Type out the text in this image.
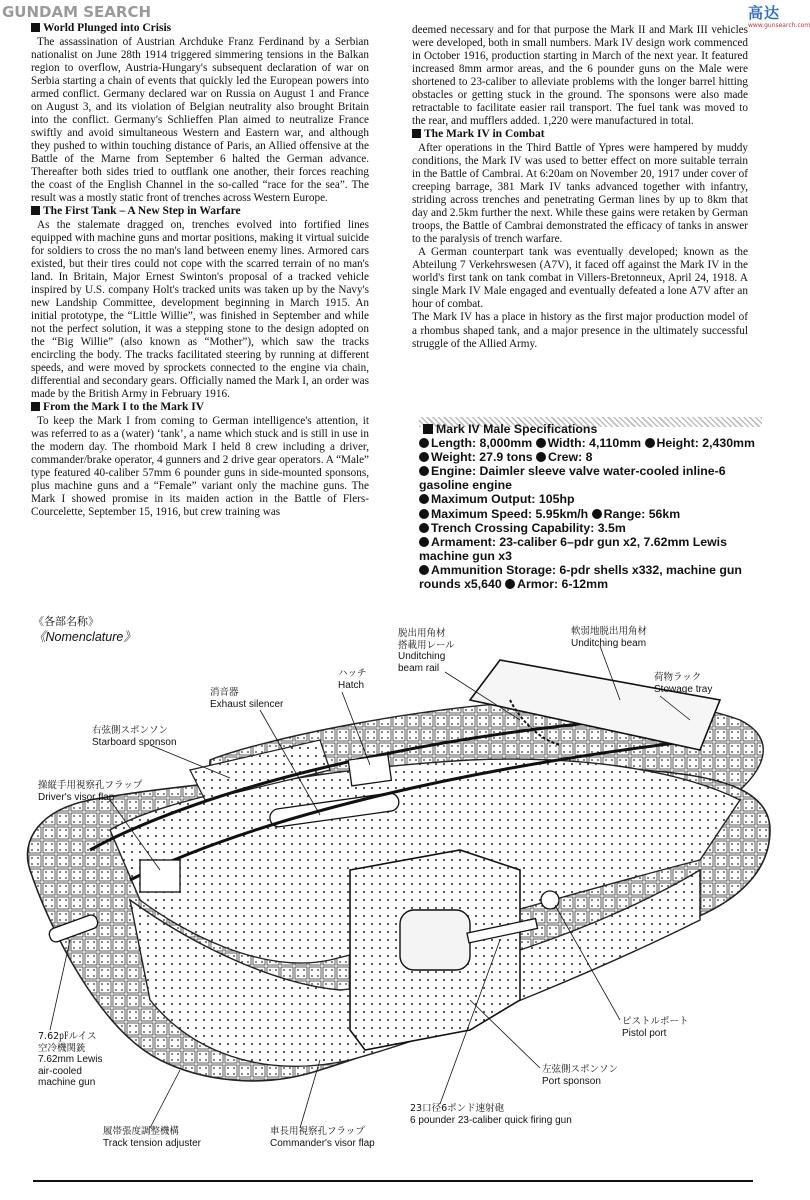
GUNDAM SEARCH	高达
www.gunsearch.com
World Plunged into Crisis

The assassination of Austrian Archduke Franz Ferdinand by a Serbian nationalist on June 28th 1914 triggered simmering tensions in the Balkan region to overflow, Austria-Hungary's subsequent declaration of war on Serbia starting a chain of events that quickly led the European powers into armed conflict. Germany declared war on Russia on August 1 and France on August 3, and its violation of Belgian neutrality also brought Britain into the conflict. Germany's Schlieffen Plan aimed to neutralize France swiftly and avoid simultaneous Western and Eastern war, and although they pushed to within touching distance of Paris, an Allied offensive at the Battle of the Marne from September 6 halted the German advance. Thereafter both sides tried to outflank one another, their forces reaching the coast of the English Channel in the so-called “race for the sea”. The result was a mostly static front of trenches across Western Europe.

The First Tank – A New Step in Warfare

As the stalemate dragged on, trenches evolved into fortified lines equipped with machine guns and mortar positions, making it virtual suicide for soldiers to cross the no man's land between enemy lines. Armored cars existed, but their tires could not cope with the scarred terrain of no man's land. In Britain, Major Ernest Swinton's proposal of a tracked vehicle inspired by U.S. company Holt's tracked units was taken up by the Navy's new Landship Committee, development beginning in March 1915. An initial prototype, the “Little Willie”, was finished in September and while not the perfect solution, it was a stepping stone to the design adopted on the “Big Willie” (also known as “Mother”), which saw the tracks encircling the body. The tracks facilitated steering by running at different speeds, and were moved by sprockets connected to the engine via chain, differential and secondary gears. Officially named the Mark I, an order was made by the British Army in February 1916.

From the Mark I to the Mark IV

To keep the Mark I from coming to German intelligence's attention, it was referred to as a (water) ‘tank’, a name which stuck and is still in use in the modern day. The rhomboid Mark I held 8 crew including a driver, commander/brake operator, 4 gunners and 2 drive gear operators. A “Male” type featured 40-caliber 57mm 6 pounder guns in side-mounted sponsons, plus machine guns and a “Female” variant only the machine guns. The Mark I showed promise in its maiden action in the Battle of Flers-Courcelette, September 15, 1916, but crew training was

deemed necessary and for that purpose the Mark II and Mark III vehicles were developed, both in small numbers. Mark IV design work commenced in October 1916, production starting in March of the next year. It featured increased 8mm armor areas, and the 6 pounder guns on the Male were shortened to 23-caliber to alleviate problems with the longer barrel hitting obstacles or getting stuck in the ground. The sponsons were also made retractable to facilitate easier rail transport. The fuel tank was moved to the rear, and mufflers added. 1,220 were manufactured in total.

The Mark IV in Combat

After operations in the Third Battle of Ypres were hampered by muddy conditions, the Mark IV was used to better effect on more suitable terrain in the Battle of Cambrai. At 6:20am on November 20, 1917 under cover of creeping barrage, 381 Mark IV tanks advanced together with infantry, striding across trenches and penetrating German lines by up to 8km that day and 2.5km further the next. While these gains were retaken by German troops, the Battle of Cambrai demonstrated the efficacy of tanks in answer to the paralysis of trench warfare.

A German counterpart tank was eventually developed; known as the Abteilung 7 Verkehrswesen (A7V), it faced off against the Mark IV in the world's first tank on tank combat in Villers-Bretonneux, April 24, 1918. A single Mark IV Male engaged and eventually defeated a lone A7V after an hour of combat.

The Mark IV has a place in history as the first major production model of a rhombus shaped tank, and a major presence in the ultimately successful struggle of the Allied Army.

Mark IV Male Specifications
Length: 8,000mm Width: 4,110mm Height: 2,430mm
Weight: 27.9 tons Crew: 8
Engine: Daimler sleeve valve water-cooled inline-6 gasoline engine
Maximum Output: 105hp
Maximum Speed: 5.95km/h Range: 56km
Trench Crossing Capability: 3.5m
Armament: 23-caliber 6–pdr gun x2, 7.62mm Lewis machine gun x3
Ammunition Storage: 6-pdr shells x332, machine gun rounds x5,640 Armor: 6-12mm
《各部名称》
《Nomenclature》	脱出用角材
搭載用レール
Unditching
beam rail
ハッチ
Hatch
消音器
Exhaust silencer
右弦側スポンソン
Starboard sponson
操縦手用視察孔フラップ
Driver's visor flap
軟弱地脱出用角材
Unditching beam
荷物ラック
Stowage tray
ピストルポート
Pistol port
左弦側スポンソン
Port sponson
23口径6ポンド速射砲
6 pounder 23-caliber quick firing gun
車長用視察孔フラップ
Commander's visor flap
履帯張度調整機構
Track tension adjuster
7.62㎊ルイス
空冷機関銃
7.62mm Lewis
air-cooled
machine gun
